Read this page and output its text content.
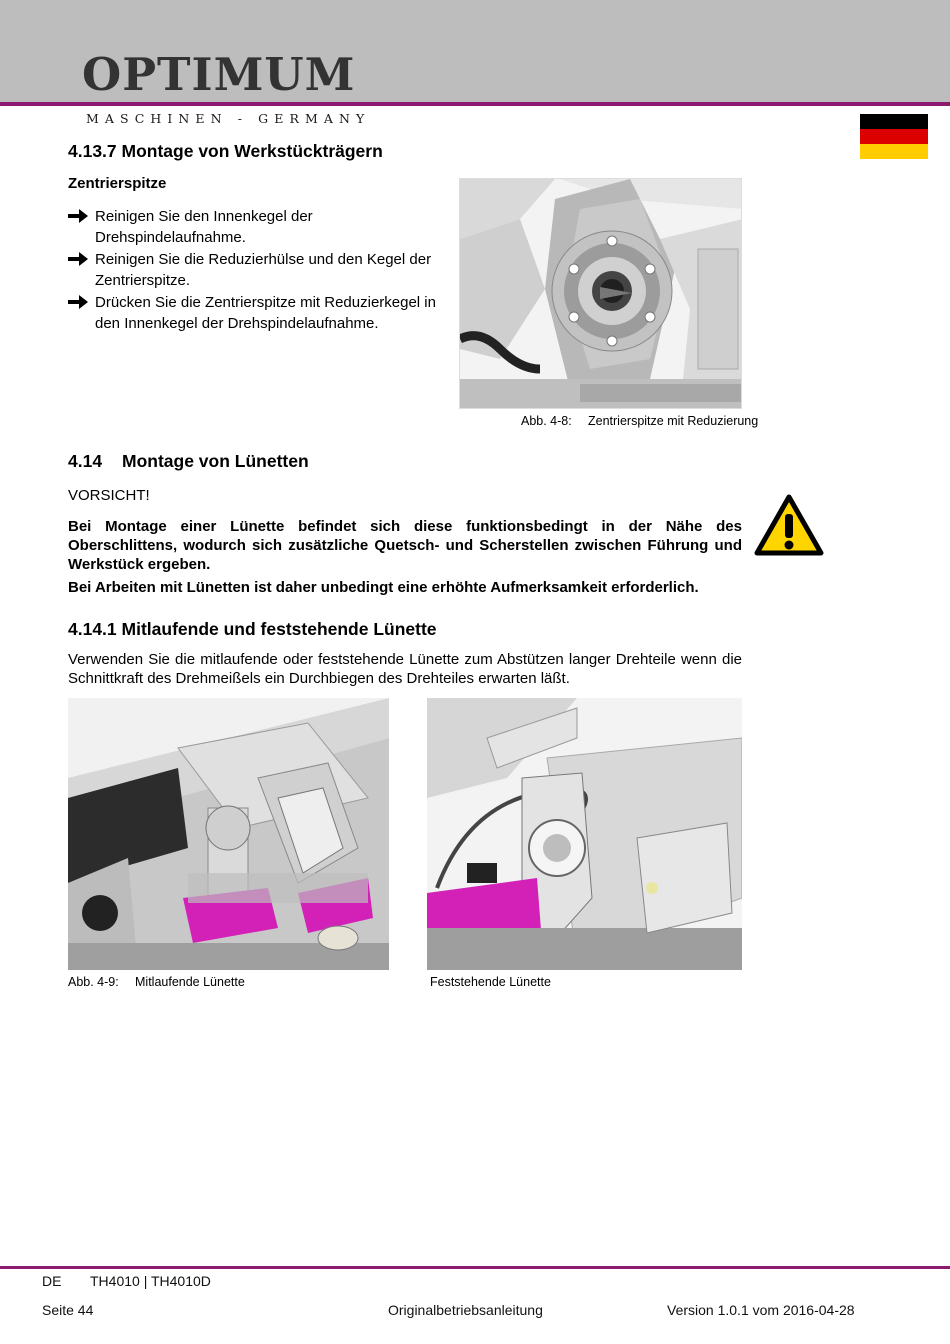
OPTIMUM
MASCHINEN - GERMANY
4.13.7 Montage von Werkstückträgern
Zentrierspitze
Reinigen Sie den Innenkegel der Drehspindelaufnahme.
Reinigen Sie die Reduzierhülse und den Kegel der Zentrierspitze.
Drücken Sie die Zentrierspitze mit Reduzierkegel in den Innenkegel der Drehspindelaufnahme.
Abb. 4-8: Zentrierspitze mit Reduzierung
4.14 Montage von Lünetten
VORSICHT!
Bei Montage einer Lünette befindet sich diese funktionsbedingt in der Nähe des Oberschlittens, wodurch sich zusätzliche Quetsch- und Scherstellen zwischen Führung und Werkstück ergeben.
Bei Arbeiten mit Lünetten ist daher unbedingt eine erhöhte Aufmerksamkeit erforderlich.
4.14.1 Mitlaufende und feststehende Lünette
Verwenden Sie die mitlaufende oder feststehende Lünette zum Abstützen langer Drehteile wenn die Schnittkraft des Drehmeißels ein Durchbiegen des Drehteiles erwarten läßt.
Abb. 4-9: Mitlaufende Lünette	Feststehende Lünette
DE TH4010 | TH4010D
Seite 44	Originalbetriebsanleitung	Version 1.0.1 vom 2016-04-28
